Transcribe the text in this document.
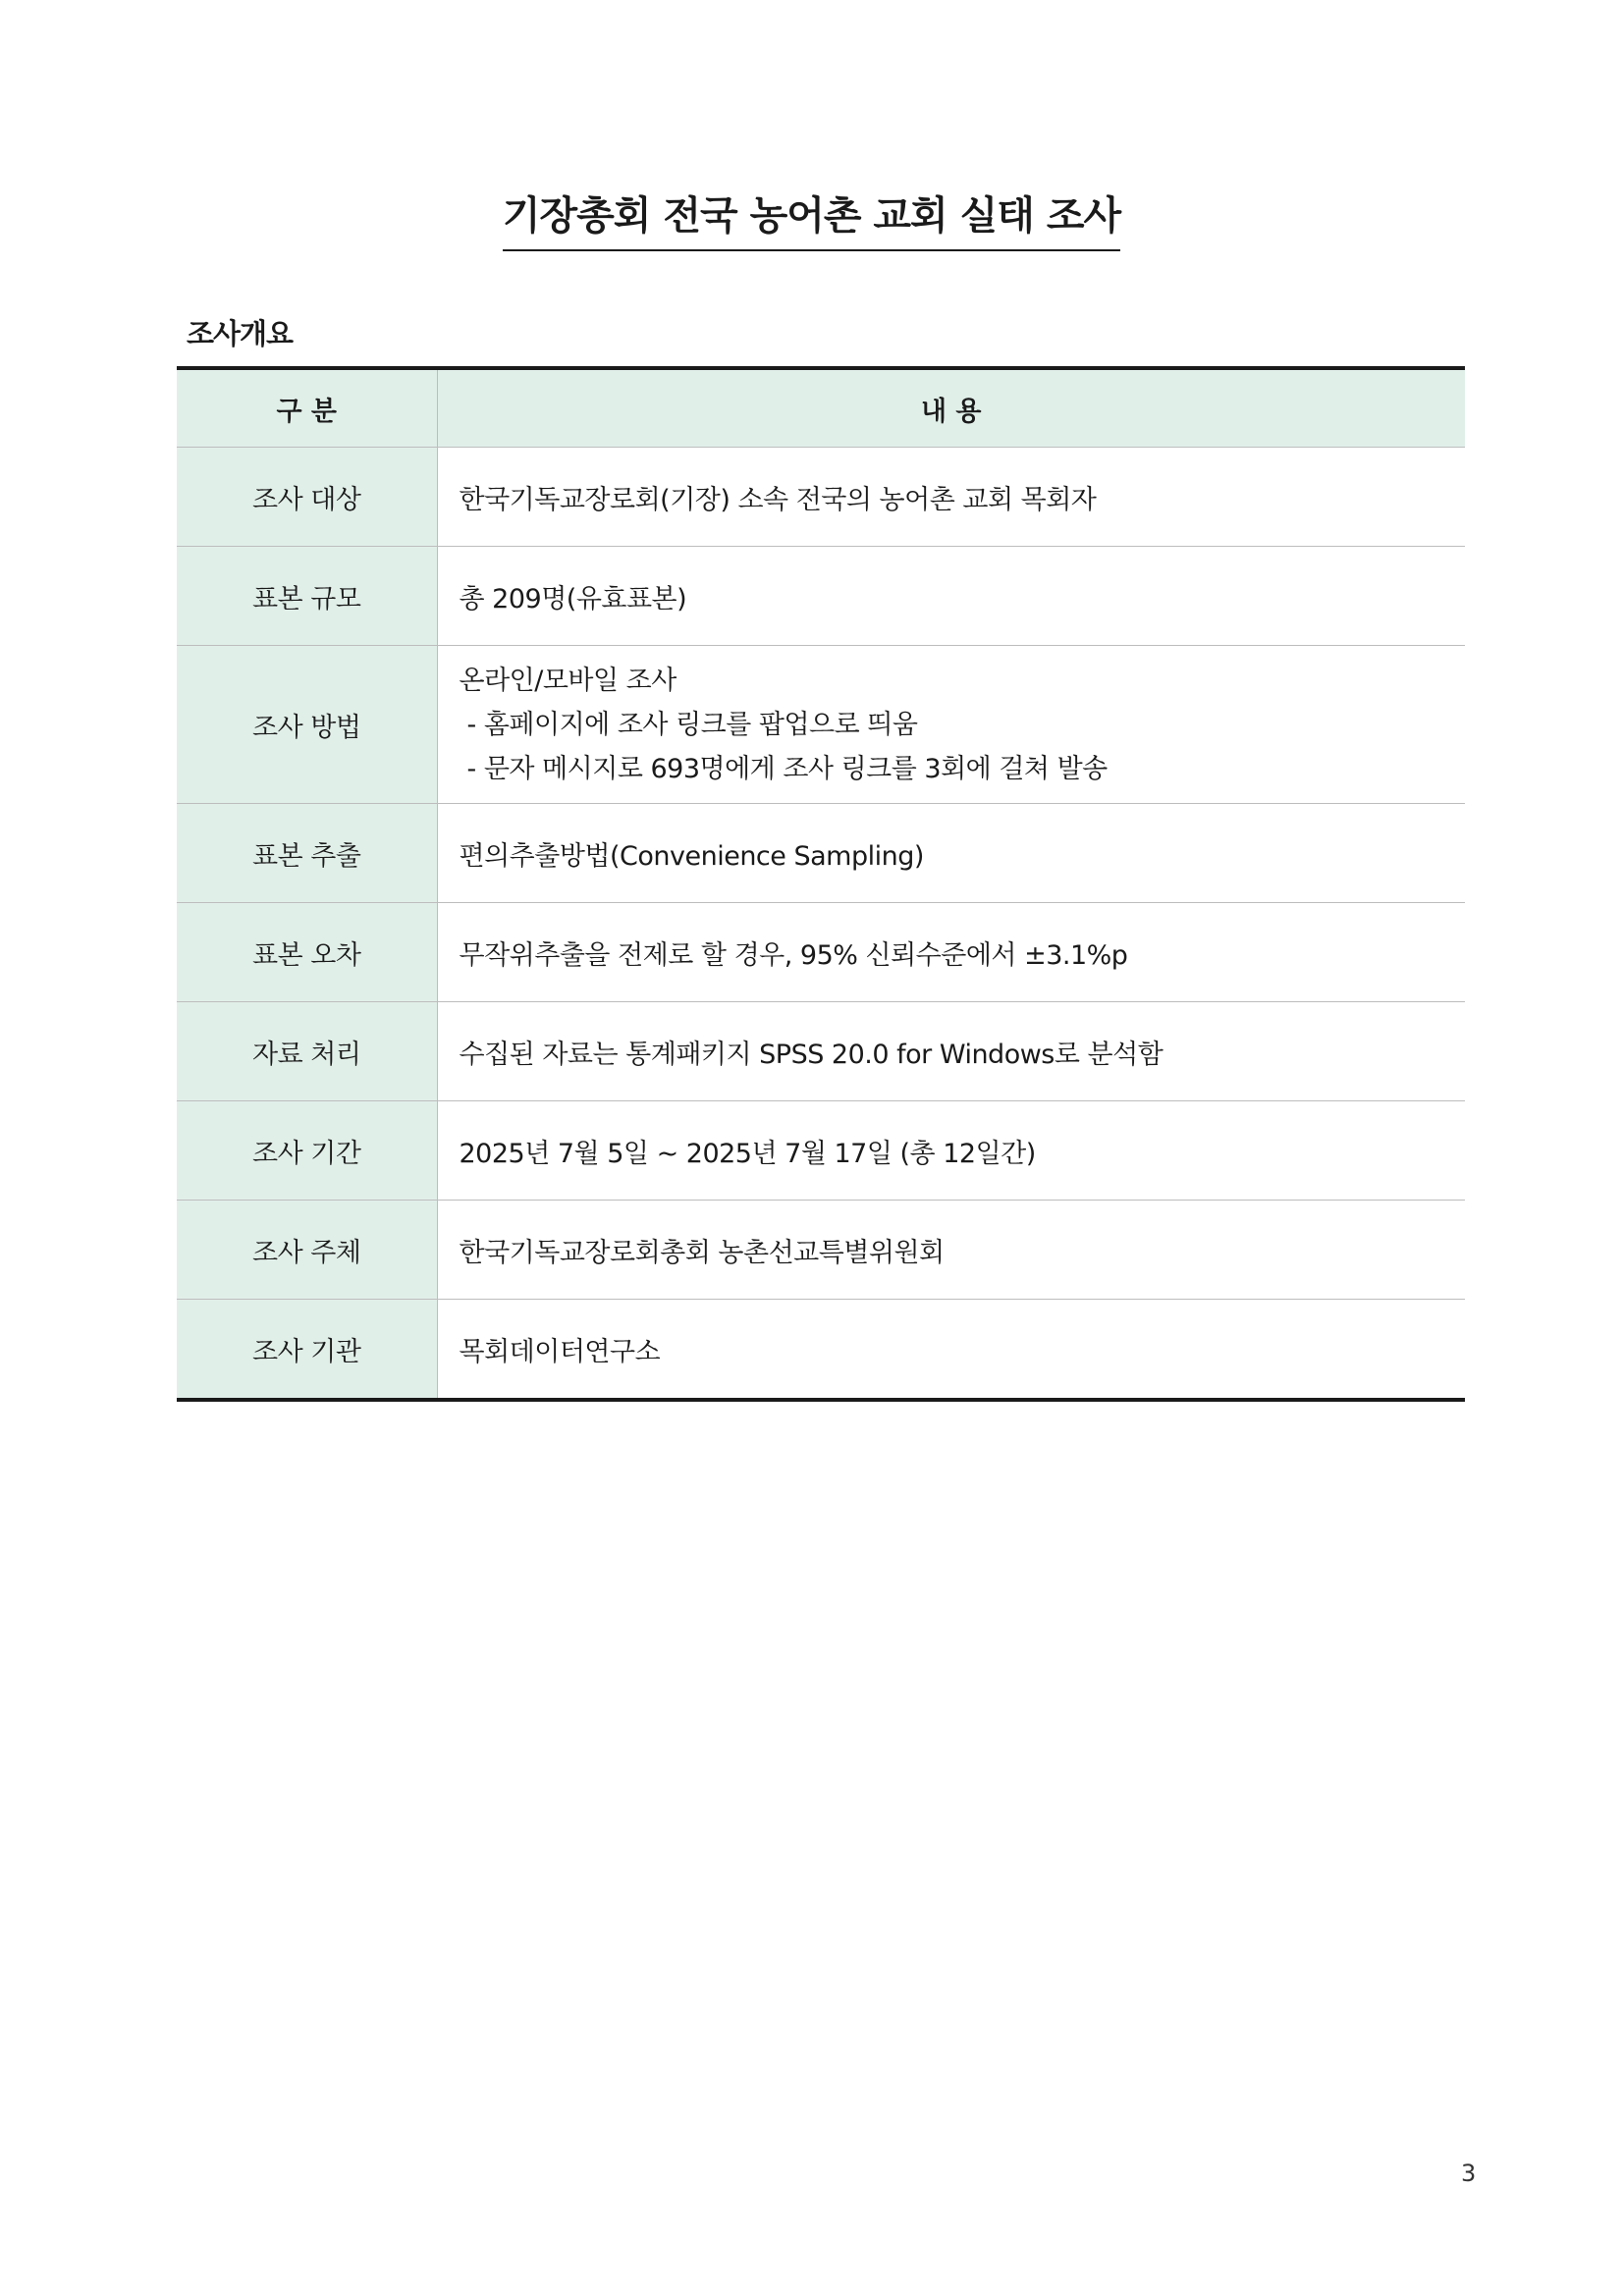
기장총회 전국 농어촌 교회 실태 조사
조사개요
구 분	내 용
조사 대상	한국기독교장로회(기장) 소속 전국의 농어촌 교회 목회자
표본 규모	총 209명(유효표본)
조사 방법	온라인/모바일 조사
- 홈페이지에 조사 링크를 팝업으로 띄움
- 문자 메시지로 693명에게 조사 링크를 3회에 걸쳐 발송

표본 추출	편의추출방법(Convenience Sampling)
표본 오차	무작위추출을 전제로 할 경우, 95% 신뢰수준에서 ±3.1%p
자료 처리	수집된 자료는 통계패키지 SPSS 20.0 for Windows로 분석함
조사 기간	2025년 7월 5일 ~ 2025년 7월 17일 (총 12일간)
조사 주체	한국기독교장로회총회 농촌선교특별위원회
조사 기관	목회데이터연구소
3
